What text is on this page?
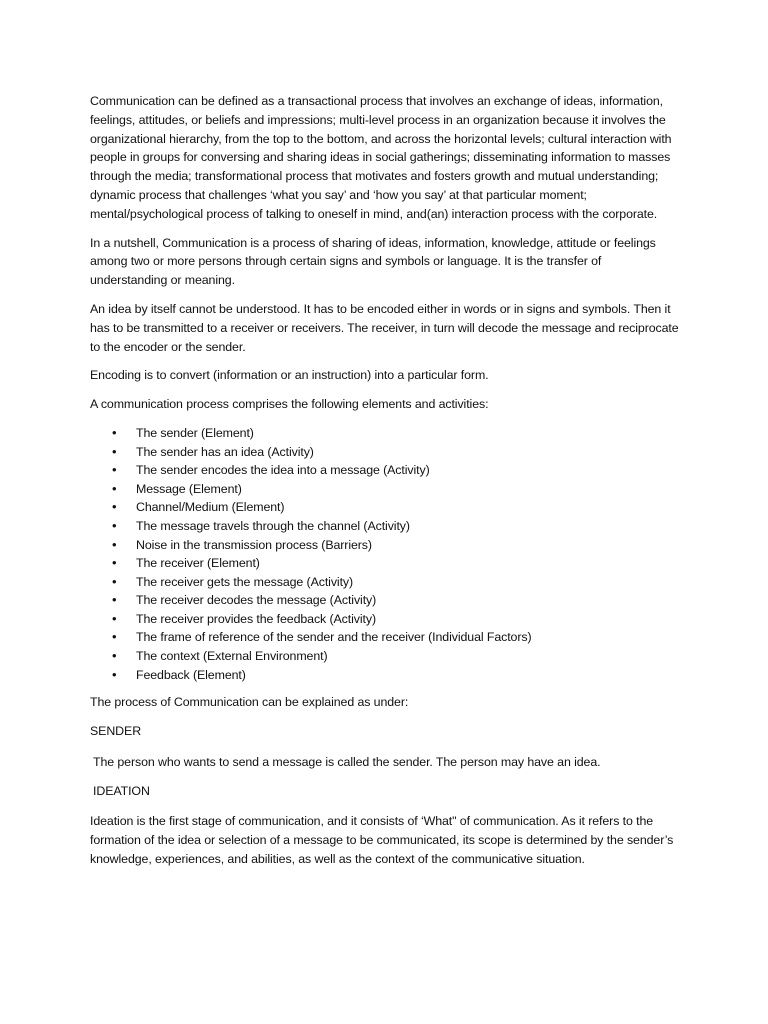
Communication can be defined as a transactional process that involves an exchange of ideas, information, feelings, attitudes, or beliefs and impressions; multi-level process in an organization because it involves the organizational hierarchy, from the top to the bottom, and across the horizontal levels; cultural interaction with people in groups for conversing and sharing ideas in social gatherings; disseminating information to masses through the media; transformational process that motivates and fosters growth and mutual understanding; dynamic process that challenges ‘what you say’ and ‘how you say’ at that particular moment; mental/psychological process of talking to oneself in mind, and(an) interaction process with the corporate.

In a nutshell, Communication is a process of sharing of ideas, information, knowledge, attitude or feelings among two or more persons through certain signs and symbols or language. It is the transfer of understanding or meaning.

An idea by itself cannot be understood. It has to be encoded either in words or in signs and symbols. Then it has to be transmitted to a receiver or receivers. The receiver, in turn will decode the message and reciprocate to the encoder or the sender.

Encoding is to convert (information or an instruction) into a particular form.

A communication process comprises the following elements and activities:

• The sender (Element)
• The sender has an idea (Activity)
• The sender encodes the idea into a message (Activity)
• Message (Element)
• Channel/Medium (Element)
• The message travels through the channel (Activity)
• Noise in the transmission process (Barriers)
• The receiver (Element)
• The receiver gets the message (Activity)
• The receiver decodes the message (Activity)
• The receiver provides the feedback (Activity)
• The frame of reference of the sender and the receiver (Individual Factors)
• The context (External Environment)
• Feedback (Element)

The process of Communication can be explained as under:

SENDER

The person who wants to send a message is called the sender. The person may have an idea.

IDEATION

Ideation is the first stage of communication, and it consists of ‘What" of communication. As it refers to the formation of the idea or selection of a message to be communicated, its scope is determined by the sender’s knowledge, experiences, and abilities, as well as the context of the communicative situation.
